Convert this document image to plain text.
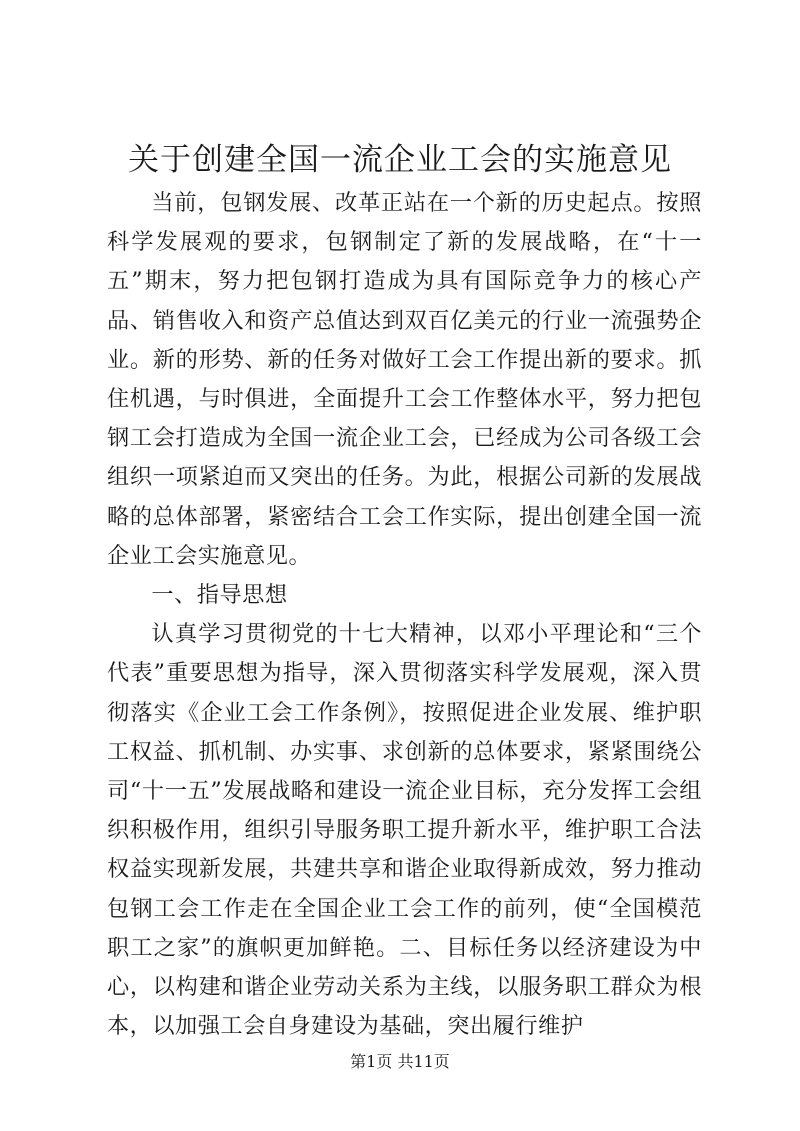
关于创建全国一流企业工会的实施意见

当前，包钢发展、改革正站在一个新的历史起点。按照科学发展观的要求，包钢制定了新的发展战略，在“十一五”期末，努力把包钢打造成为具有国际竞争力的核心产品、销售收入和资产总值达到双百亿美元的行业一流强势企业。新的形势、新的任务对做好工会工作提出新的要求。抓住机遇，与时俱进，全面提升工会工作整体水平，努力把包钢工会打造成为全国一流企业工会，已经成为公司各级工会组织一项紧迫而又突出的任务。为此，根据公司新的发展战略的总体部署，紧密结合工会工作实际，提出创建全国一流企业工会实施意见。

一、指导思想

认真学习贯彻党的十七大精神，以邓小平理论和“三个代表”重要思想为指导，深入贯彻落实科学发展观，深入贯彻落实《企业工会工作条例》，按照促进企业发展、维护职工权益、抓机制、办实事、求创新的总体要求，紧紧围绕公司“十一五”发展战略和建设一流企业目标，充分发挥工会组织积极作用，组织引导服务职工提升新水平，维护职工合法权益实现新发展，共建共享和谐企业取得新成效，努力推动包钢工会工作走在全国企业工会工作的前列，使“全国模范职工之家”的旗帜更加鲜艳。二、目标任务以经济建设为中心，以构建和谐企业劳动关系为主线，以服务职工群众为根本，以加强工会自身建设为基础，突出履行维护

第1页 共11页
